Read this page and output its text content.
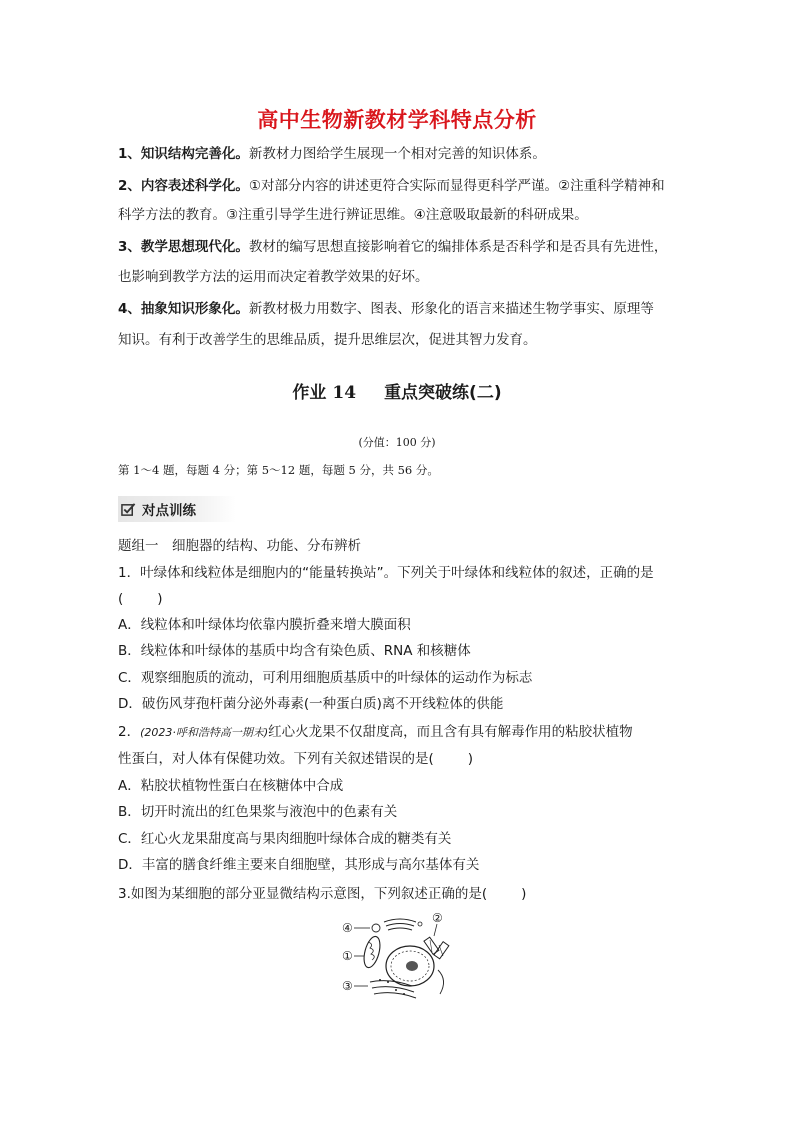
高中生物新教材学科特点分析

1、知识结构完善化。新教材力图给学生展现一个相对完善的知识体系。

2、内容表述科学化。①对部分内容的讲述更符合实际而显得更科学严谨。②注重科学精神和

科学方法的教育。③注重引导学生进行辨证思维。④注意吸取最新的科研成果。

3、教学思想现代化。教材的编写思想直接影响着它的编排体系是否科学和是否具有先进性，

也影响到教学方法的运用而决定着教学效果的好坏。

4、抽象知识形象化。新教材极力用数字、图表、形象化的语言来描述生物学事实、原理等

知识。有利于改善学生的思维品质，提升思维层次，促进其智力发育。

作业 14 重点突破练(二)
(分值：100 分)
第 1～4 题，每题 4 分；第 5～12 题，每题 5 分，共 56 分。
对点训练

题组一　细胞器的结构、功能、分布辨析

1．叶绿体和线粒体是细胞内的“能量转换站”。下列关于叶绿体和线粒体的叙述，正确的是

(	)

A．线粒体和叶绿体均依靠内膜折叠来增大膜面积

B．线粒体和叶绿体的基质中均含有染色质、RNA 和核糖体

C．观察细胞质的流动，可利用细胞质基质中的叶绿体的运动作为标志

D．破伤风芽孢杆菌分泌外毒素(一种蛋白质)离不开线粒体的供能

2．(2023·呼和浩特高一期末)红心火龙果不仅甜度高，而且含有具有解毒作用的粘胶状植物

性蛋白，对人体有保健功效。下列有关叙述错误的是(	)

A．粘胶状植物性蛋白在核糖体中合成

B．切开时流出的红色果浆与液泡中的色素有关

C．红心火龙果甜度高与果肉细胞叶绿体合成的糖类有关

D．丰富的膳食纤维主要来自细胞壁，其形成与高尔基体有关

3.如图为某细胞的部分亚显微结构示意图，下列叙述正确的是(	)

④
②
①
③
